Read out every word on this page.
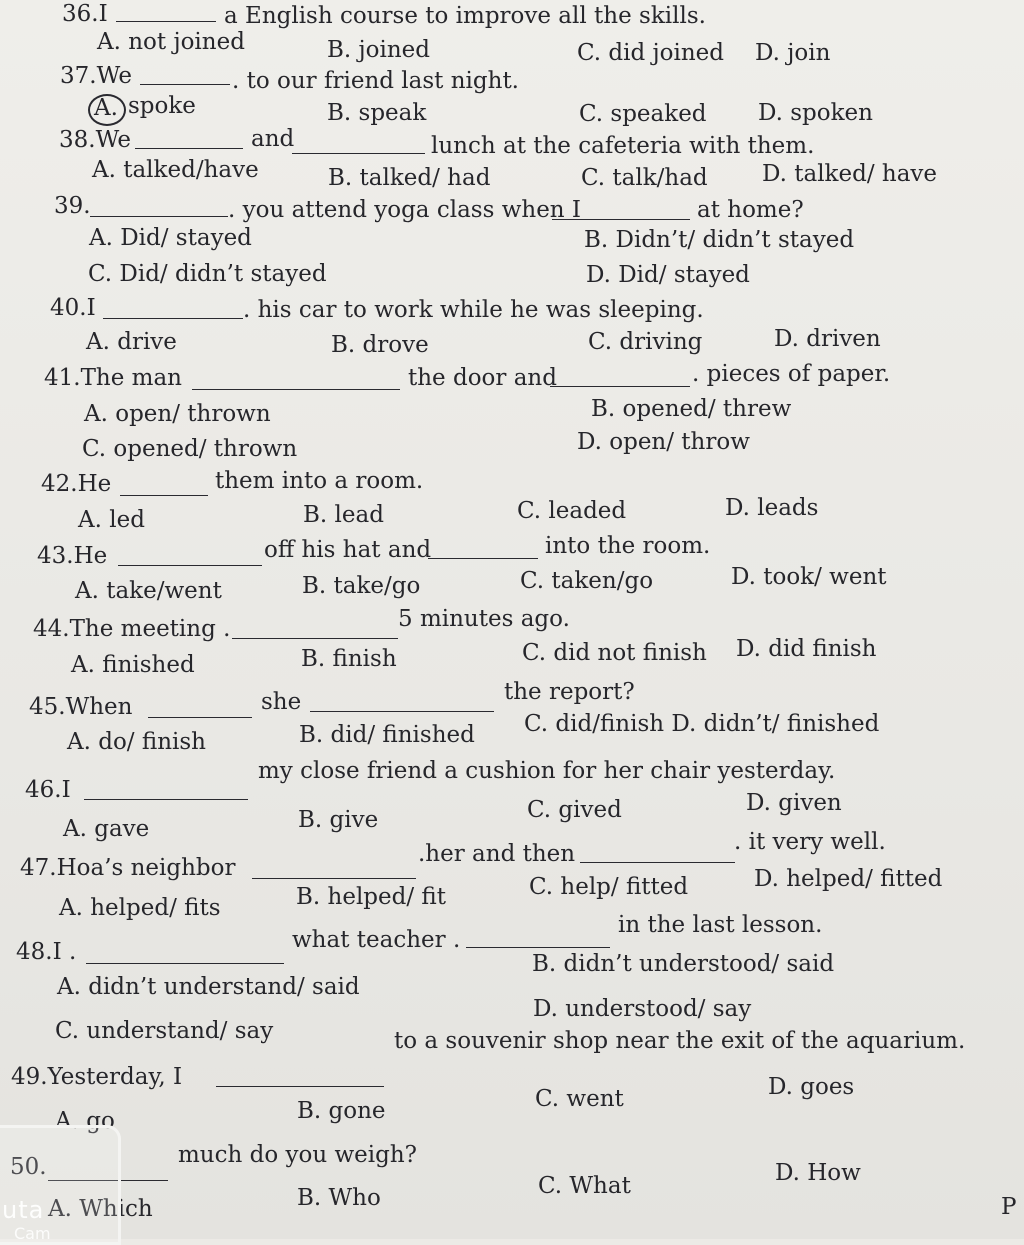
36.I	a English course to improve all the skills.
A. not joined	B. joined	C. did joined D. join
37.We	. to our friend last night.
A. spoke	B. speak	C. speaked D. spoken
38.We	and	lunch at the cafeteria with them.
A. talked/have	B. talked/ had	C. talk/had D. talked/ have
39.	. you attend yoga class when I	at home?
A. Did/ stayed	B. Didn’t/ didn’t stayed
C. Did/ didn’t stayed	D. Did/ stayed
40.I	. his car to work while he was sleeping.
A. drive	B. drove	C. driving	D. driven
41.The man	the door and	. pieces of paper.
A. open/ thrown	B. opened/ threw
C. opened/ thrown	D. open/ throw
42.He	them into a room.
A. led	B. lead	C. leaded	D. leads
43.He	off his hat and	into the room.
A. take/went	B. take/go	C. taken/go	D. took/ went
44.The meeting .	5 minutes ago.
A. finished	B. finish	C. did not finish D. did finish
45.When	she	the report?
A. do/ finish	B. did/ finished C. did/finish D. didn’t/ finished
46.I
my close friend a cushion for her chair yesterday.
A. gave	B. give	C. gived	D. given
47.Hoa’s neighbor
.her and then	. it very well.
A. helped/ fits	B. helped/ fit	C. help/ fitted	D. helped/ fitted
48.I .	what teacher .
in the last lesson.
A. didn’t understand/ said
B. didn’t understood/ said
C. understand/ say
D. understood/ say
49.Yesterday, I
to a souvenir shop near the exit of the aquarium.
A. go	B. gone	C. went	D. goes
50.	much do you weigh?
A. Which	B. Who	C. What	D. How
P
uta
Cam
